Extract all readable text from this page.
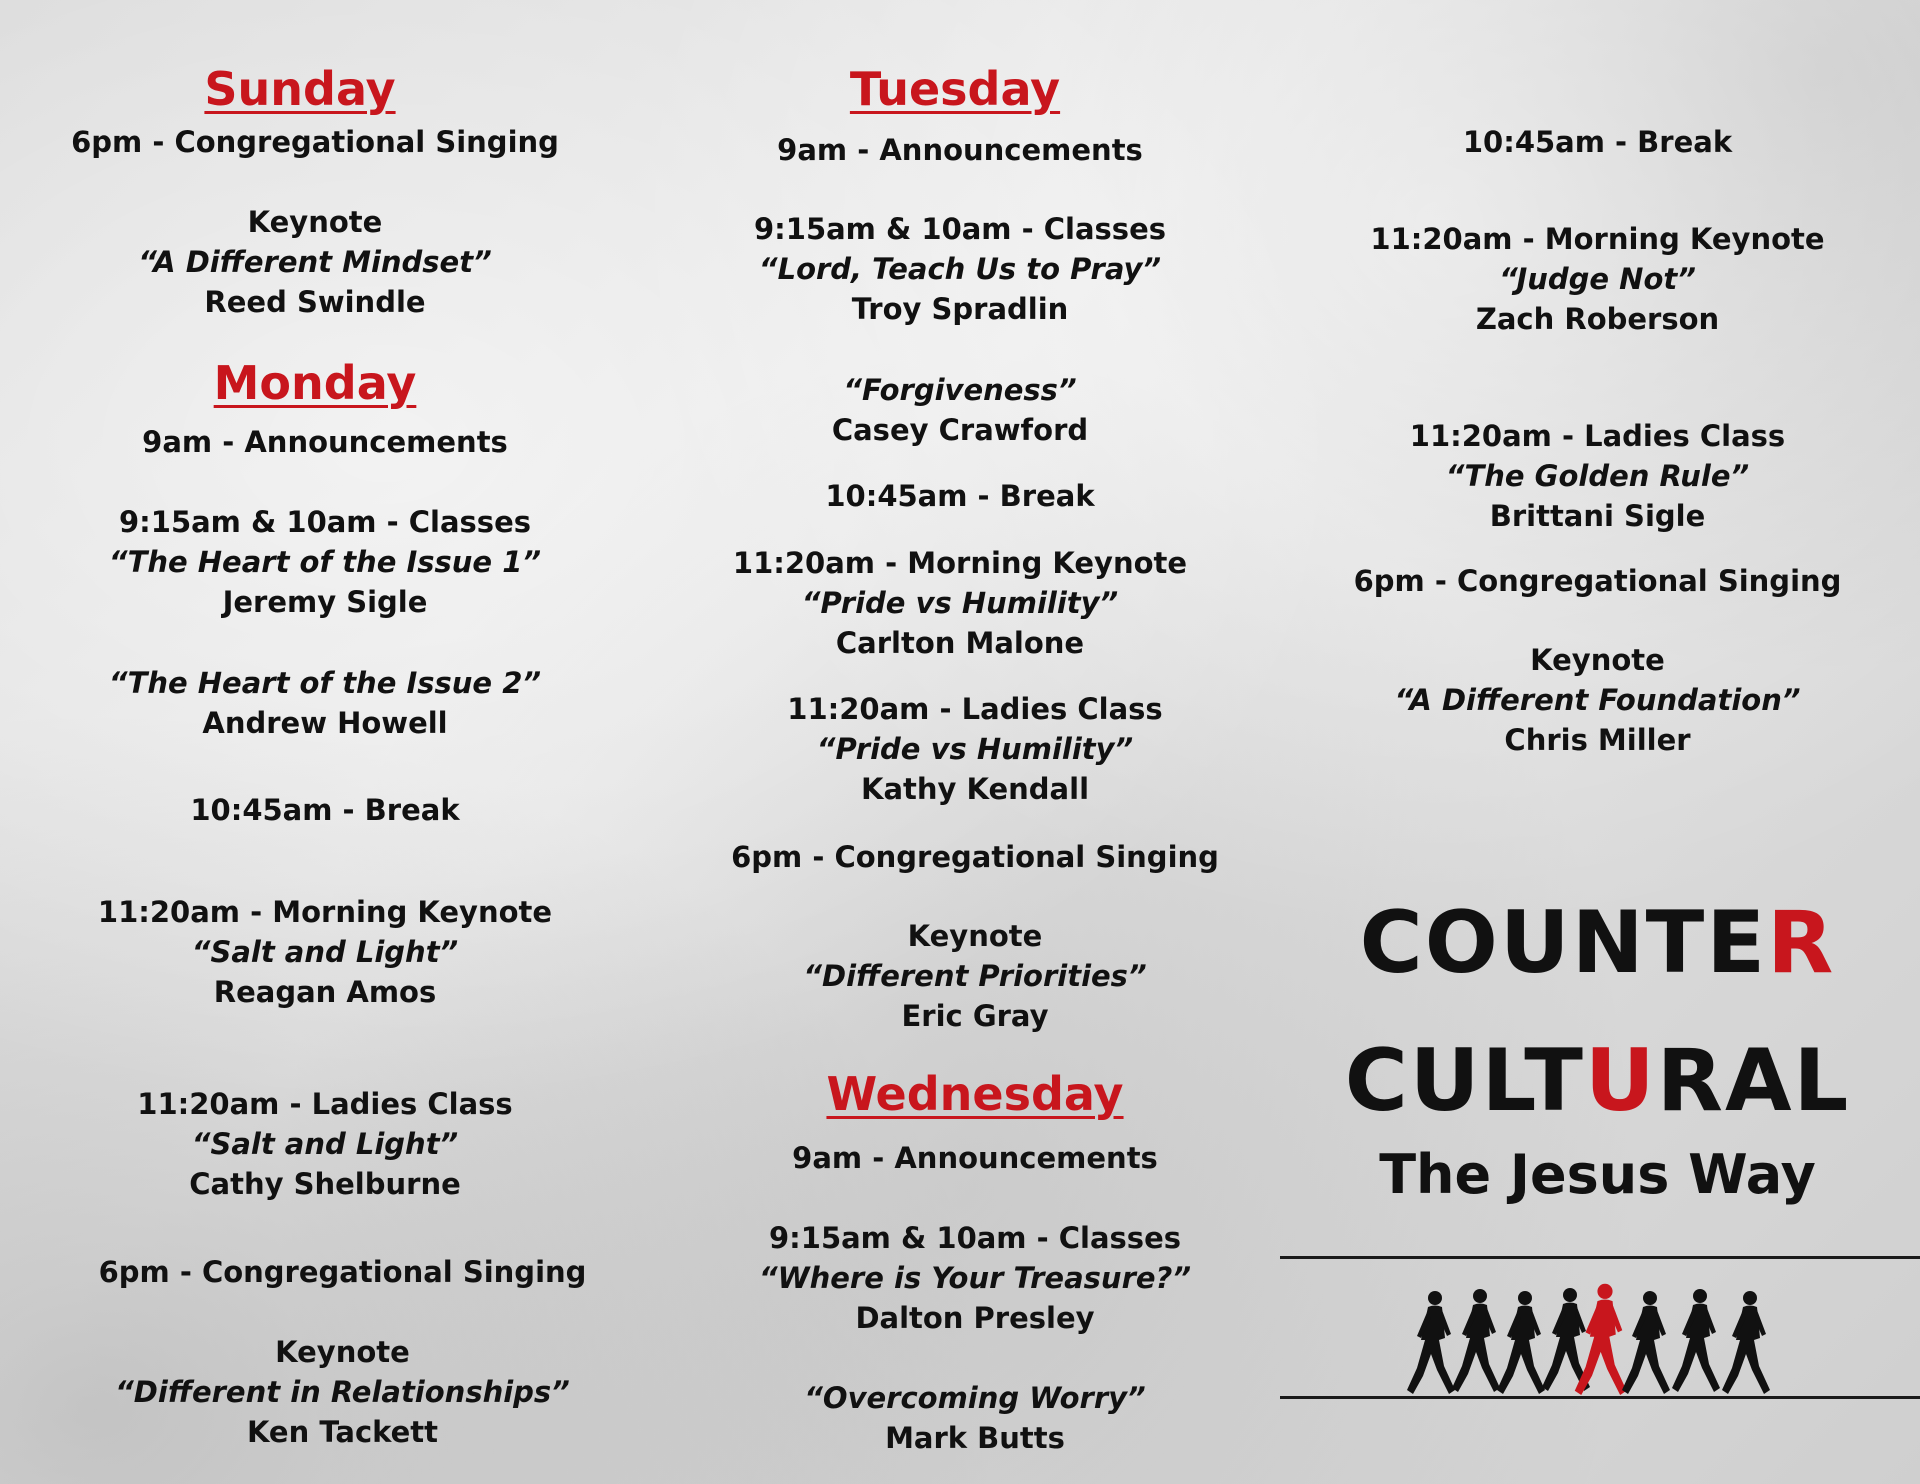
Sunday
6pm - Congregational Singing
Keynote
“A Different Mindset”
Reed Swindle
Monday
9am - Announcements
9:15am & 10am - Classes
“The Heart of the Issue 1”
Jeremy Sigle
“The Heart of the Issue 2”
Andrew Howell
10:45am - Break
11:20am - Morning Keynote
“Salt and Light”
Reagan Amos
11:20am - Ladies Class
“Salt and Light”
Cathy Shelburne
6pm - Congregational Singing
Keynote
“Different in Relationships”
Ken Tackett
Tuesday
9am - Announcements
9:15am & 10am - Classes
“Lord, Teach Us to Pray”
Troy Spradlin
“Forgiveness”
Casey Crawford
10:45am - Break
11:20am - Morning Keynote
“Pride vs Humility”
Carlton Malone
11:20am - Ladies Class
“Pride vs Humility”
Kathy Kendall
6pm - Congregational Singing
Keynote
“Different Priorities”
Eric Gray
Wednesday
9am - Announcements
9:15am & 10am - Classes
“Where is Your Treasure?”
Dalton Presley
“Overcoming Worry”
Mark Butts
10:45am - Break
11:20am - Morning Keynote
“Judge Not”
Zach Roberson
11:20am - Ladies Class
“The Golden Rule”
Brittani Sigle
6pm - Congregational Singing
Keynote
“A Different Foundation”
Chris Miller
COUNTER
CULTURAL
The Jesus Way
